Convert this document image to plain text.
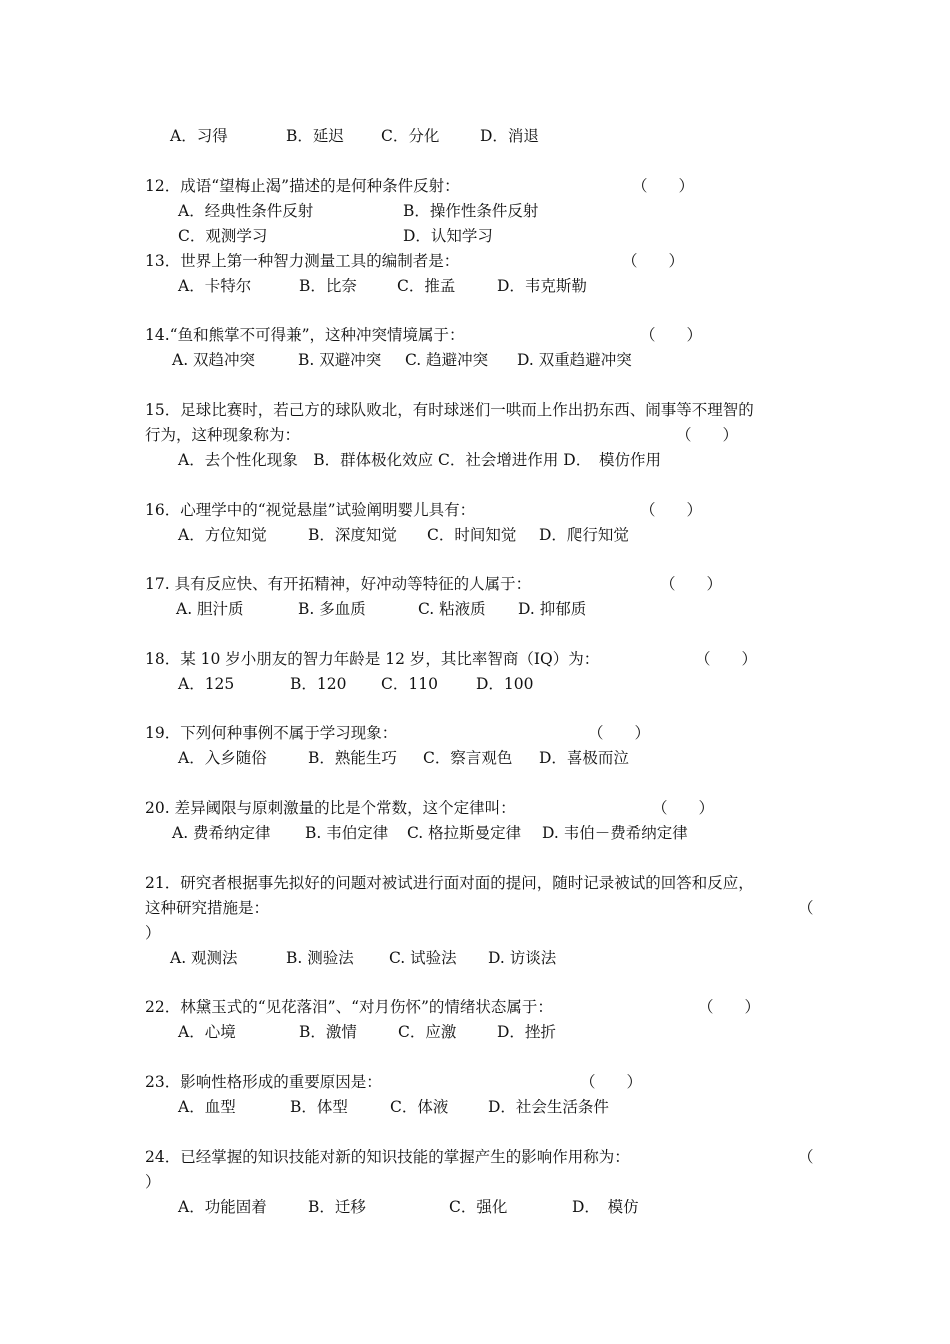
A．习得	B．延迟 C．分化	D．消退
12．成语“望梅止渴”描述的是何种条件反射：	（　　）
A．经典性条件反射	B．操作性条件反射
C．观测学习	D．认知学习
13．世界上第一种智力测量工具的编制者是：	（　　）
A．卡特尔	B．比奈	C．推孟	D．韦克斯勒
14.“鱼和熊掌不可得兼”，这种冲突情境属于：	（　　）
A. 双趋冲突	B. 双避冲突 C. 趋避冲突 D. 双重趋避冲突
15．足球比赛时，若己方的球队败北，有时球迷们一哄而上作出扔东西、闹事等不理智的
行为，这种现象称为：	（　　）
A．去个性化现象　B．群体极化效应 C．社会增进作用 D．　模仿作用
16．心理学中的“视觉悬崖”试验阐明婴儿具有：	（　　）
A．方位知觉	B．深度知觉 C．时间知觉 D．爬行知觉
17. 具有反应快、有开拓精神，好冲动等特征的人属于：	（　　）
A. 胆汁质	B. 多血质	C. 粘液质 D. 抑郁质
18．某 10 岁小朋友的智力年龄是 12 岁，其比率智商（IQ）为：	（　　）
A．125	B．120 C．110 D．100
19．下列何种事例不属于学习现象：	（　　）
A．入乡随俗	B．熟能生巧 C．察言观色 D．喜极而泣
20. 差异阈限与原刺激量的比是个常数，这个定律叫：	（　　）
A. 费希纳定律 B. 韦伯定律 C. 格拉斯曼定律 D. 韦伯－费希纳定律
21．研究者根据事先拟好的问题对被试进行面对面的提问，随时记录被试的回答和反应，
这种研究措施是：	（
）
A. 观测法	B. 测验法 C. 试验法 D. 访谈法
22．林黛玉式的“见花落泪”、“对月伤怀”的情绪状态属于：	（　　）
A．心境	B．激情	C．应激	D．挫折
23．影响性格形成的重要原因是：	（　　）
A．血型	B．体型	C．体液	D．社会生活条件
24．已经掌握的知识技能对新的知识技能的掌握产生的影响作用称为：	（
）
A．功能固着	B．迁移	C．强化	D．　模仿
